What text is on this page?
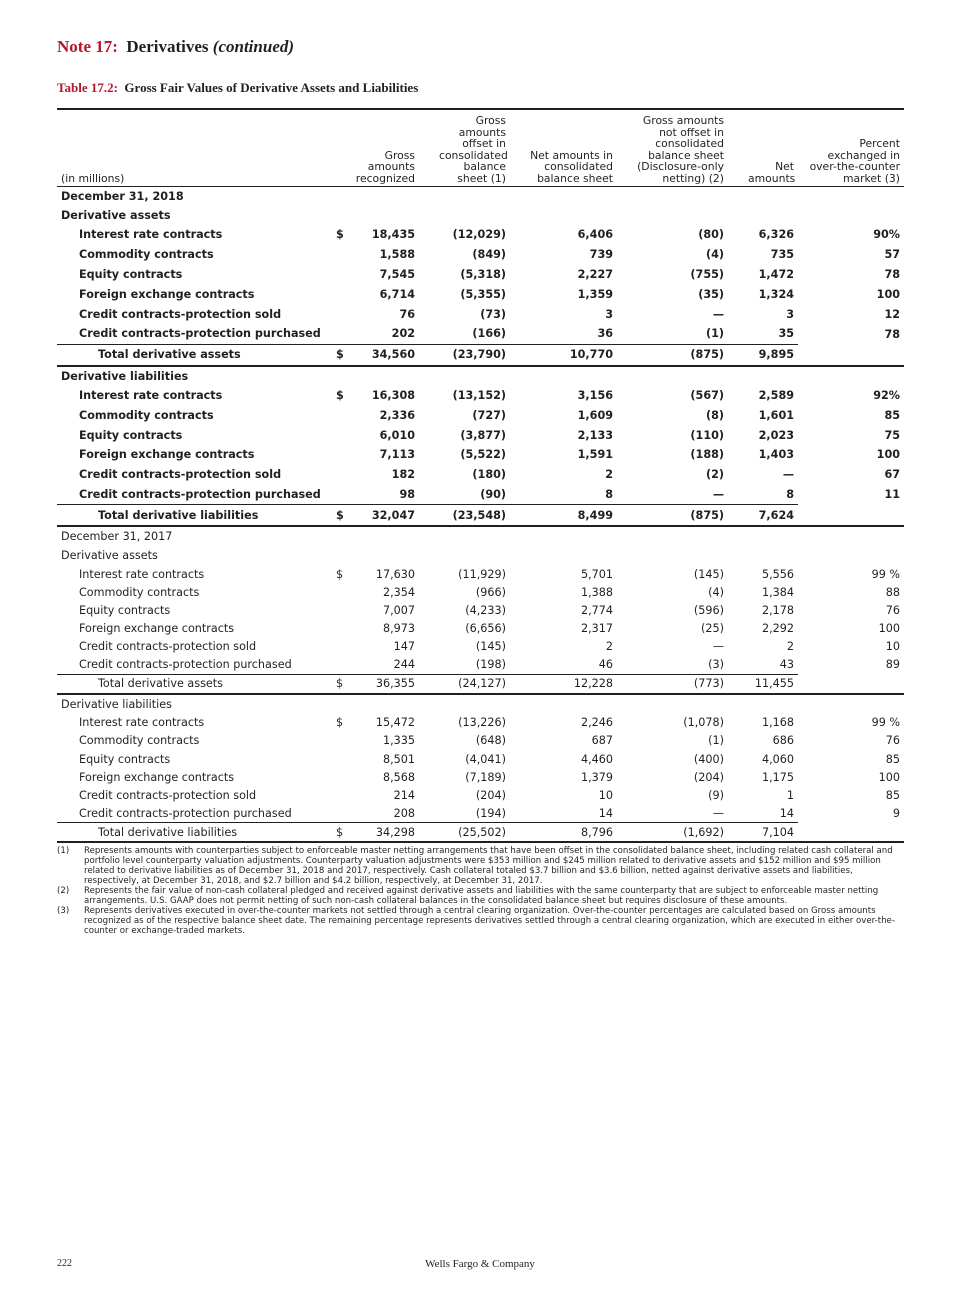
Note 17: Derivatives (continued)
Table 17.2: Gross Fair Values of Derivative Assets and Liabilities
(in millions)	Gross amounts recognized		Gross amounts offset in consolidated balance sheet (1)	Net amounts in consolidated balance sheet	Gross amounts not offset in consolidated balance sheet (Disclosure-only netting) (2)	Net amounts	Percent exchanged in over-the-counter market (3)
December 31, 2018							
Derivative assets							
Interest rate contracts	$	18,435	(12,029)	6,406	(80)	6,326	90%
Commodity contracts		1,588	(849)	739	(4)	735	57
Equity contracts		7,545	(5,318)	2,227	(755)	1,472	78
Foreign exchange contracts		6,714	(5,355)	1,359	(35)	1,324	100
Credit contracts-protection sold		76	(73)	3	—	3	12
Credit contracts-protection purchased		202	(166)	36	(1)	35	78
Total derivative assets	$	34,560	(23,790)	10,770	(875)	9,895	
Derivative liabilities							
Interest rate contracts	$	16,308	(13,152)	3,156	(567)	2,589	92%
Commodity contracts		2,336	(727)	1,609	(8)	1,601	85
Equity contracts		6,010	(3,877)	2,133	(110)	2,023	75
Foreign exchange contracts		7,113	(5,522)	1,591	(188)	1,403	100
Credit contracts-protection sold		182	(180)	2	(2)	—	67
Credit contracts-protection purchased		98	(90)	8	—	8	11
Total derivative liabilities	$	32,047	(23,548)	8,499	(875)	7,624	
December 31, 2017							
Derivative assets							
Interest rate contracts	$	17,630	(11,929)	5,701	(145)	5,556	99 %
Commodity contracts		2,354	(966)	1,388	(4)	1,384	88
Equity contracts		7,007	(4,233)	2,774	(596)	2,178	76
Foreign exchange contracts		8,973	(6,656)	2,317	(25)	2,292	100
Credit contracts-protection sold		147	(145)	2	—	2	10
Credit contracts-protection purchased		244	(198)	46	(3)	43	89
Total derivative assets	$	36,355	(24,127)	12,228	(773)	11,455	
Derivative liabilities							
Interest rate contracts	$	15,472	(13,226)	2,246	(1,078)	1,168	99 %
Commodity contracts		1,335	(648)	687	(1)	686	76
Equity contracts		8,501	(4,041)	4,460	(400)	4,060	85
Foreign exchange contracts		8,568	(7,189)	1,379	(204)	1,175	100
Credit contracts-protection sold		214	(204)	10	(9)	1	85
Credit contracts-protection purchased		208	(194)	14	—	14	9
Total derivative liabilities	$	34,298	(25,502)	8,796	(1,692)	7,104	
(1)	Represents amounts with counterparties subject to enforceable master netting arrangements that have been offset in the consolidated balance sheet, including related cash collateral and portfolio level counterparty valuation adjustments. Counterparty valuation adjustments were $353 million and $245 million related to derivative assets and $152 million and $95 million related to derivative liabilities as of December 31, 2018 and 2017, respectively. Cash collateral totaled $3.7 billion and $3.6 billion, netted against derivative assets and liabilities, respectively, at December 31, 2018, and $2.7 billion and $4.2 billion, respectively, at December 31, 2017.
(2)	Represents the fair value of non-cash collateral pledged and received against derivative assets and liabilities with the same counterparty that are subject to enforceable master netting arrangements. U.S. GAAP does not permit netting of such non-cash collateral balances in the consolidated balance sheet but requires disclosure of these amounts.
(3)	Represents derivatives executed in over-the-counter markets not settled through a central clearing organization. Over-the-counter percentages are calculated based on Gross amounts recognized as of the respective balance sheet date. The remaining percentage represents derivatives settled through a central clearing organization, which are executed in either over-the-counter or exchange-traded markets.
222	Wells Fargo & Company
